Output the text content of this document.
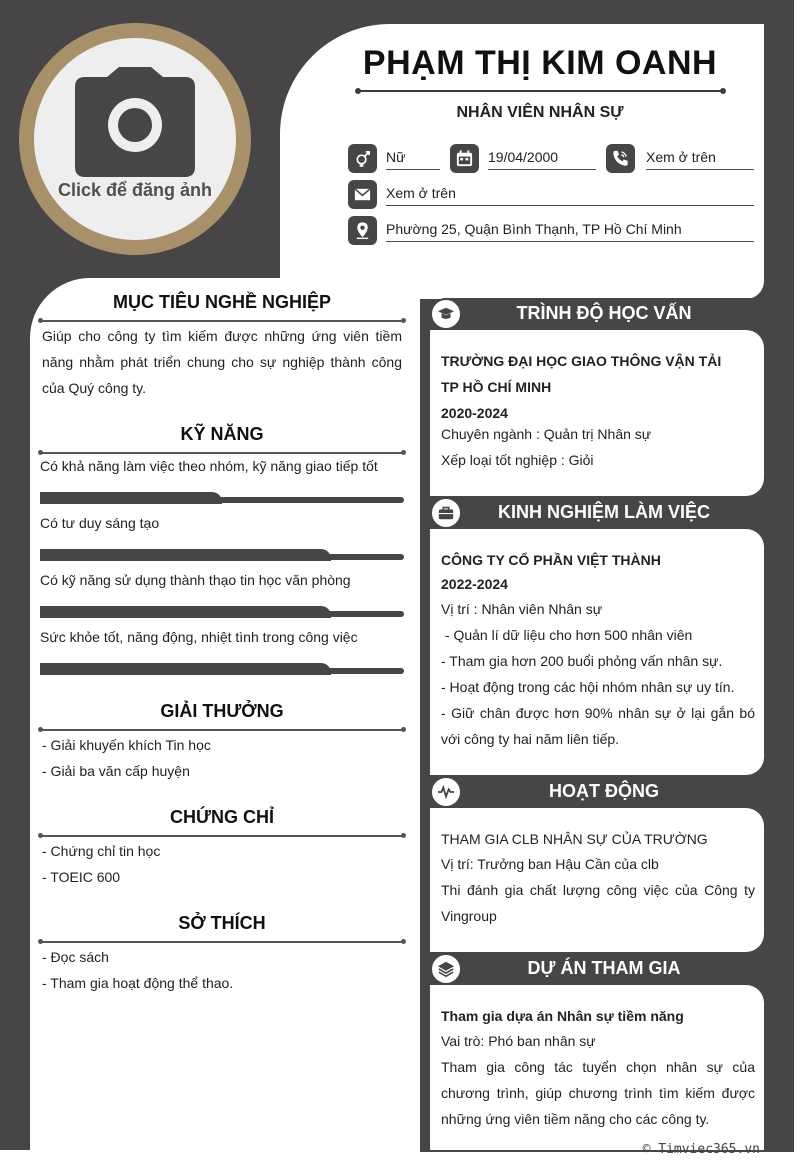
Click để đăng ảnh
PHẠM THỊ KIM OANH
NHÂN VIÊN NHÂN SỰ
Nữ	19/04/2000	Xem ở trên
Xem ở trên
Phường 25, Quận Bình Thạnh, TP Hồ Chí Minh
MỤC TIÊU NGHỀ NGHIỆP
Giúp cho công ty tìm kiếm được những ứng viên tiềm năng nhằm phát triển chung cho sự nghiệp thành công của Quý công ty.
KỸ NĂNG
Có khả năng làm việc theo nhóm, kỹ năng giao tiếp tốt
Có tư duy sáng tạo
Có kỹ năng sử dụng thành thạo tin học văn phòng
Sức khỏe tốt, năng động, nhiệt tình trong công việc
GIẢI THƯỞNG
- Giải khuyến khích Tin học
- Giải ba văn cấp huyện
CHỨNG CHỈ
- Chứng chỉ tin học
- TOEIC 600
SỞ THÍCH
- Đọc sách
- Tham gia hoạt động thể thao.
TRÌNH ĐỘ HỌC VẤN
TRƯỜNG ĐẠI HỌC GIAO THÔNG VẬN TẢI
TP HỒ CHÍ MINH
2020-2024
Chuyên ngành : Quản trị Nhân sự
Xếp loại tốt nghiệp : Giỏi
KINH NGHIỆM LÀM VIỆC
CÔNG TY CỔ PHẦN VIỆT THÀNH
2022-2024
Vị trí : Nhân viên Nhân sự
- Quản lí dữ liệu cho hơn 500 nhân viên
- Tham gia hơn 200 buổi phỏng vấn nhân sự.
- Hoạt động trong các hội nhóm nhân sự uy tín.
- Giữ chân được hơn 90% nhân sự ở lại gắn bó với công ty hai năm liên tiếp.
HOẠT ĐỘNG
THAM GIA CLB NHÂN SỰ CỦA TRƯỜNG
Vị trí: Trưởng ban Hậu Cần của clb
Thi đánh gia chất lượng công việc của Công ty Vingroup
DỰ ÁN THAM GIA
Tham gia dựa án Nhân sự tiềm năng
Vai trò: Phó ban nhân sự
Tham gia công tác tuyển chọn nhân sự của chương trình, giúp chương trình tìm kiếm được những ứng viên tiềm năng cho các công ty.
© Timviec365.vn
